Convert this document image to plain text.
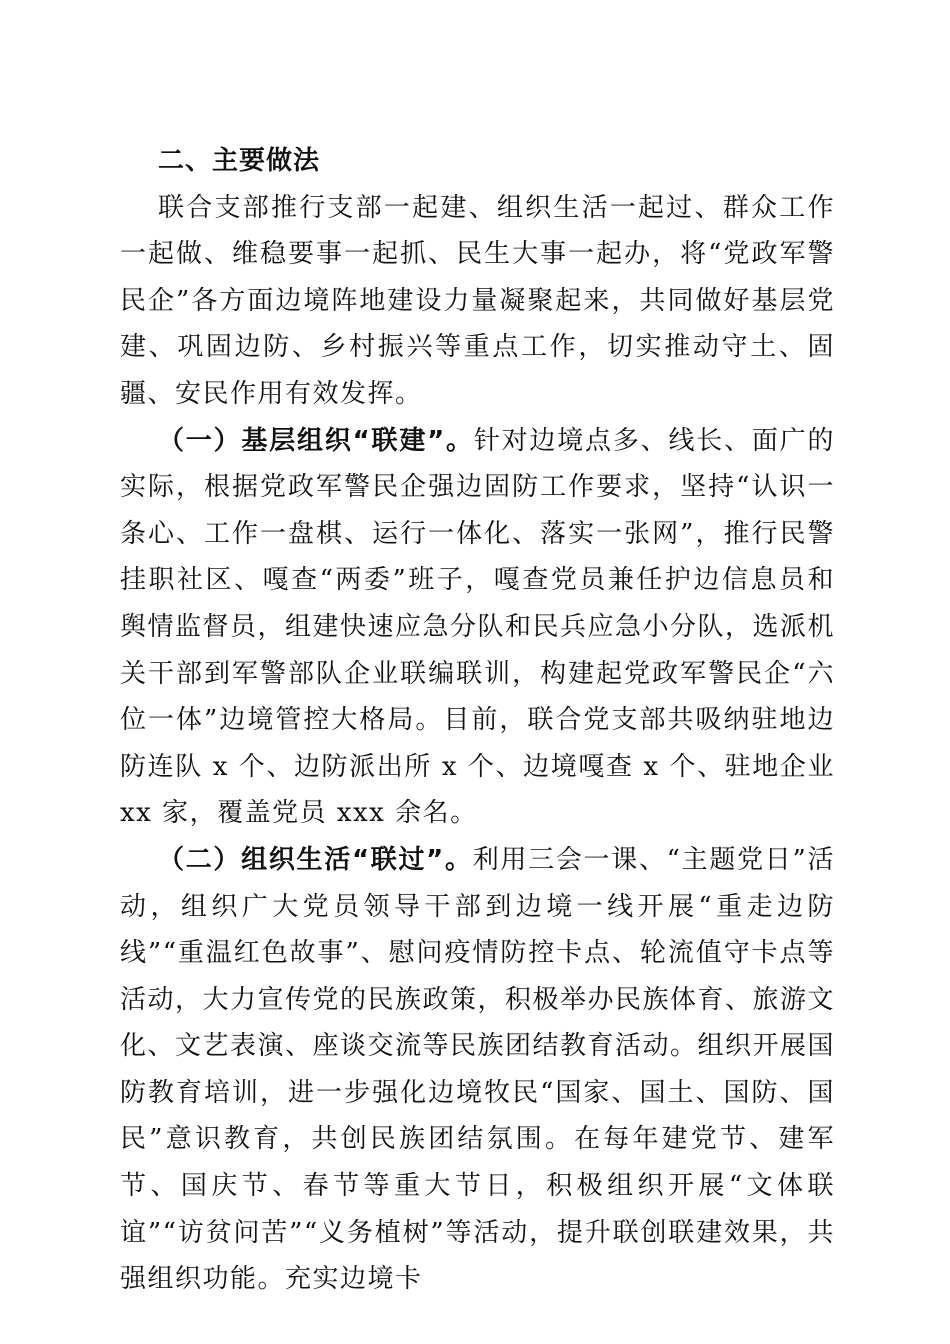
二、主要做法

联合支部推行支部一起建、组织生活一起过、群众工作一起做、维稳要事一起抓、民生大事一起办，将“党政军警民企”各方面边境阵地建设力量凝聚起来，共同做好基层党建、巩固边防、乡村振兴等重点工作，切实推动守土、固疆、安民作用有效发挥。

（一）基层组织“联建”。针对边境点多、线长、面广的实际，根据党政军警民企强边固防工作要求，坚持“认识一条心、工作一盘棋、运行一体化、落实一张网”，推行民警挂职社区、嘎查“两委”班子，嘎查党员兼任护边信息员和舆情监督员，组建快速应急分队和民兵应急小分队，选派机关干部到军警部队企业联编联训，构建起党政军警民企“六位一体”边境管控大格局。目前，联合党支部共吸纳驻地边防连队 x 个、边防派出所 x 个、边境嘎查 x 个、驻地企业 xx 家，覆盖党员 xxx 余名。

（二）组织生活“联过”。利用三会一课、“主题党日”活动，组织广大党员领导干部到边境一线开展“重走边防线”“重温红色故事”、慰问疫情防控卡点、轮流值守卡点等活动，大力宣传党的民族政策，积极举办民族体育、旅游文化、文艺表演、座谈交流等民族团结教育活动。组织开展国防教育培训，进一步强化边境牧民“国家、国土、国防、国民”意识教育，共创民族团结氛围。在每年建党节、建军节、国庆节、春节等重大节日，积极组织开展“文体联谊”“访贫问苦”“义务植树”等活动，提升联创联建效果，共强组织功能。充实边境卡
